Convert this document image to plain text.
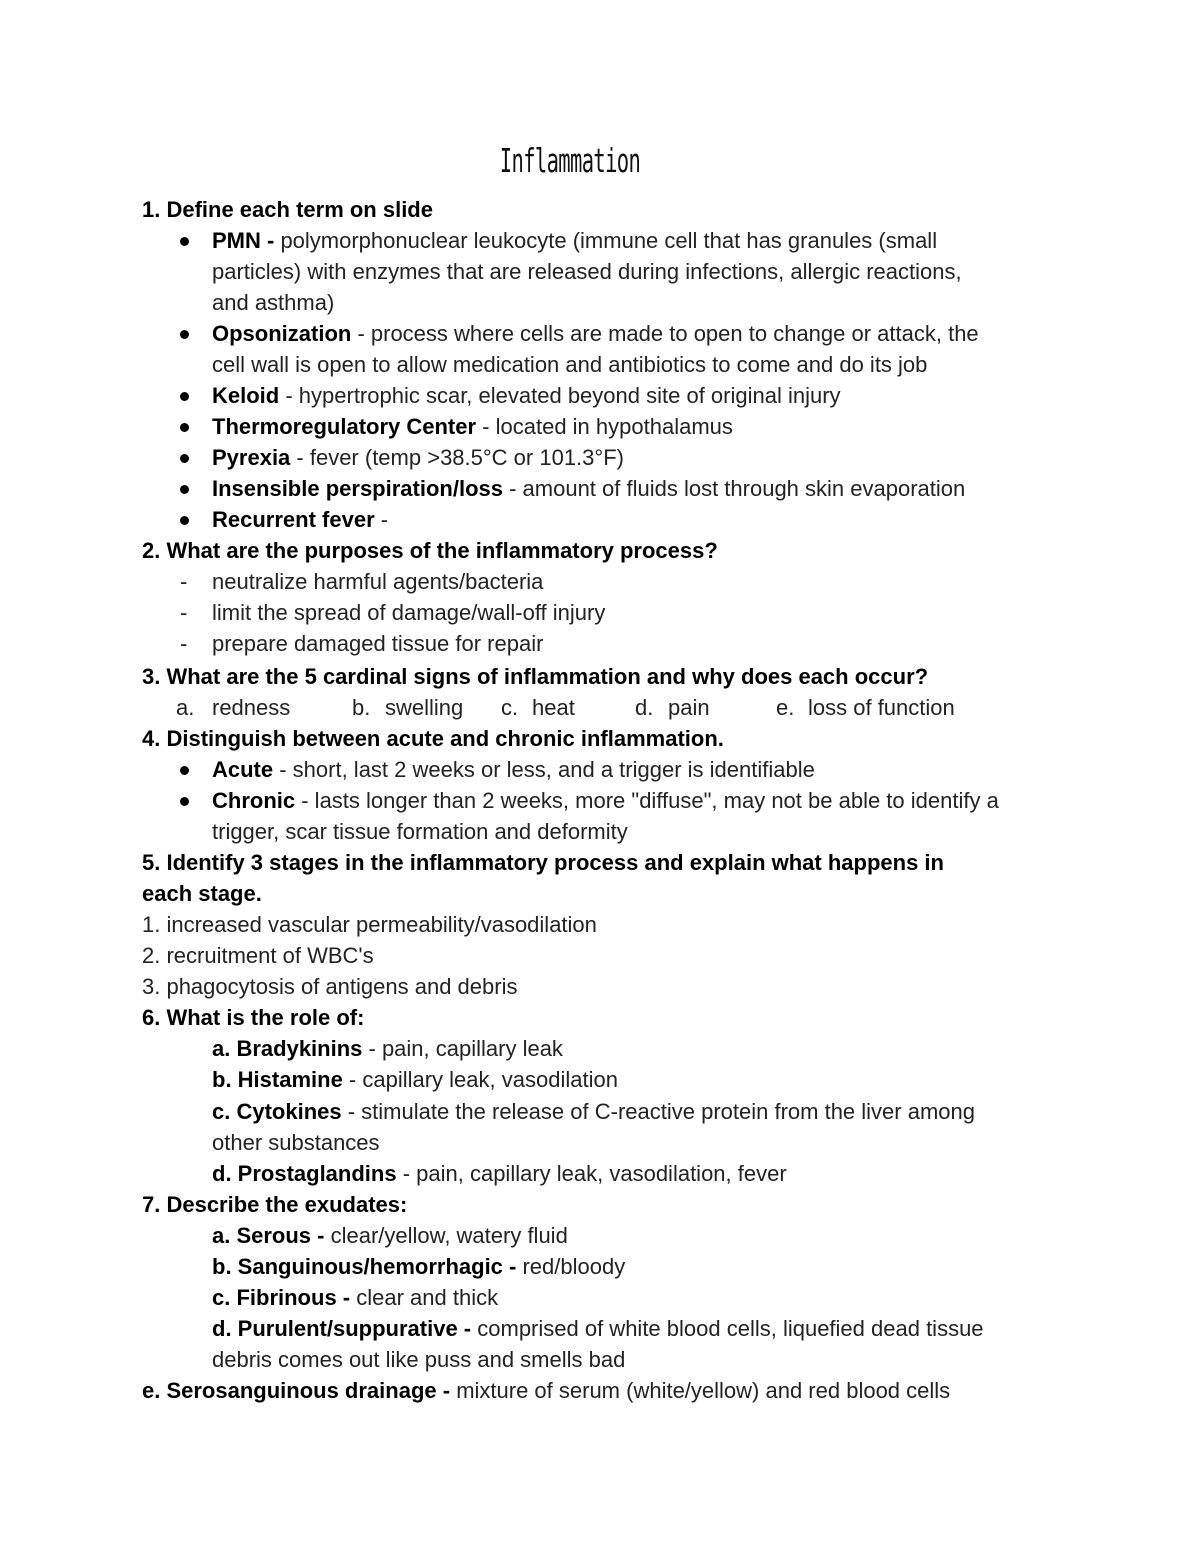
Inflammation
1. Define each term on slide
PMN - polymorphonuclear leukocyte (immune cell that has granules (small
particles) with enzymes that are released during infections, allergic reactions,
and asthma)
Opsonization - process where cells are made to open to change or attack, the
cell wall is open to allow medication and antibiotics to come and do its job
Keloid - hypertrophic scar, elevated beyond site of original injury
Thermoregulatory Center - located in hypothalamus
Pyrexia - fever (temp >38.5°C or 101.3°F)
Insensible perspiration/loss - amount of fluids lost through skin evaporation
Recurrent fever -
2. What are the purposes of the inflammatory process?
- neutralize harmful agents/bacteria
- limit the spread of damage/wall-off injury
- prepare damaged tissue for repair
3. What are the 5 cardinal signs of inflammation and why does each occur?
a. redness	b. swelling c. heat	d. pain	e. loss of function
4. Distinguish between acute and chronic inflammation.
Acute - short, last 2 weeks or less, and a trigger is identifiable
Chronic - lasts longer than 2 weeks, more "diffuse", may not be able to identify a
trigger, scar tissue formation and deformity
5. Identify 3 stages in the inflammatory process and explain what happens in
each stage.
1. increased vascular permeability/vasodilation
2. recruitment of WBC's
3. phagocytosis of antigens and debris
6. What is the role of:
a. Bradykinins - pain, capillary leak
b. Histamine - capillary leak, vasodilation
c. Cytokines - stimulate the release of C-reactive protein from the liver among
other substances
d. Prostaglandins - pain, capillary leak, vasodilation, fever
7. Describe the exudates:
a. Serous - clear/yellow, watery fluid
b. Sanguinous/hemorrhagic - red/bloody
c. Fibrinous - clear and thick
d. Purulent/suppurative - comprised of white blood cells, liquefied dead tissue
debris comes out like puss and smells bad
e. Serosanguinous drainage - mixture of serum (white/yellow) and red blood cells
